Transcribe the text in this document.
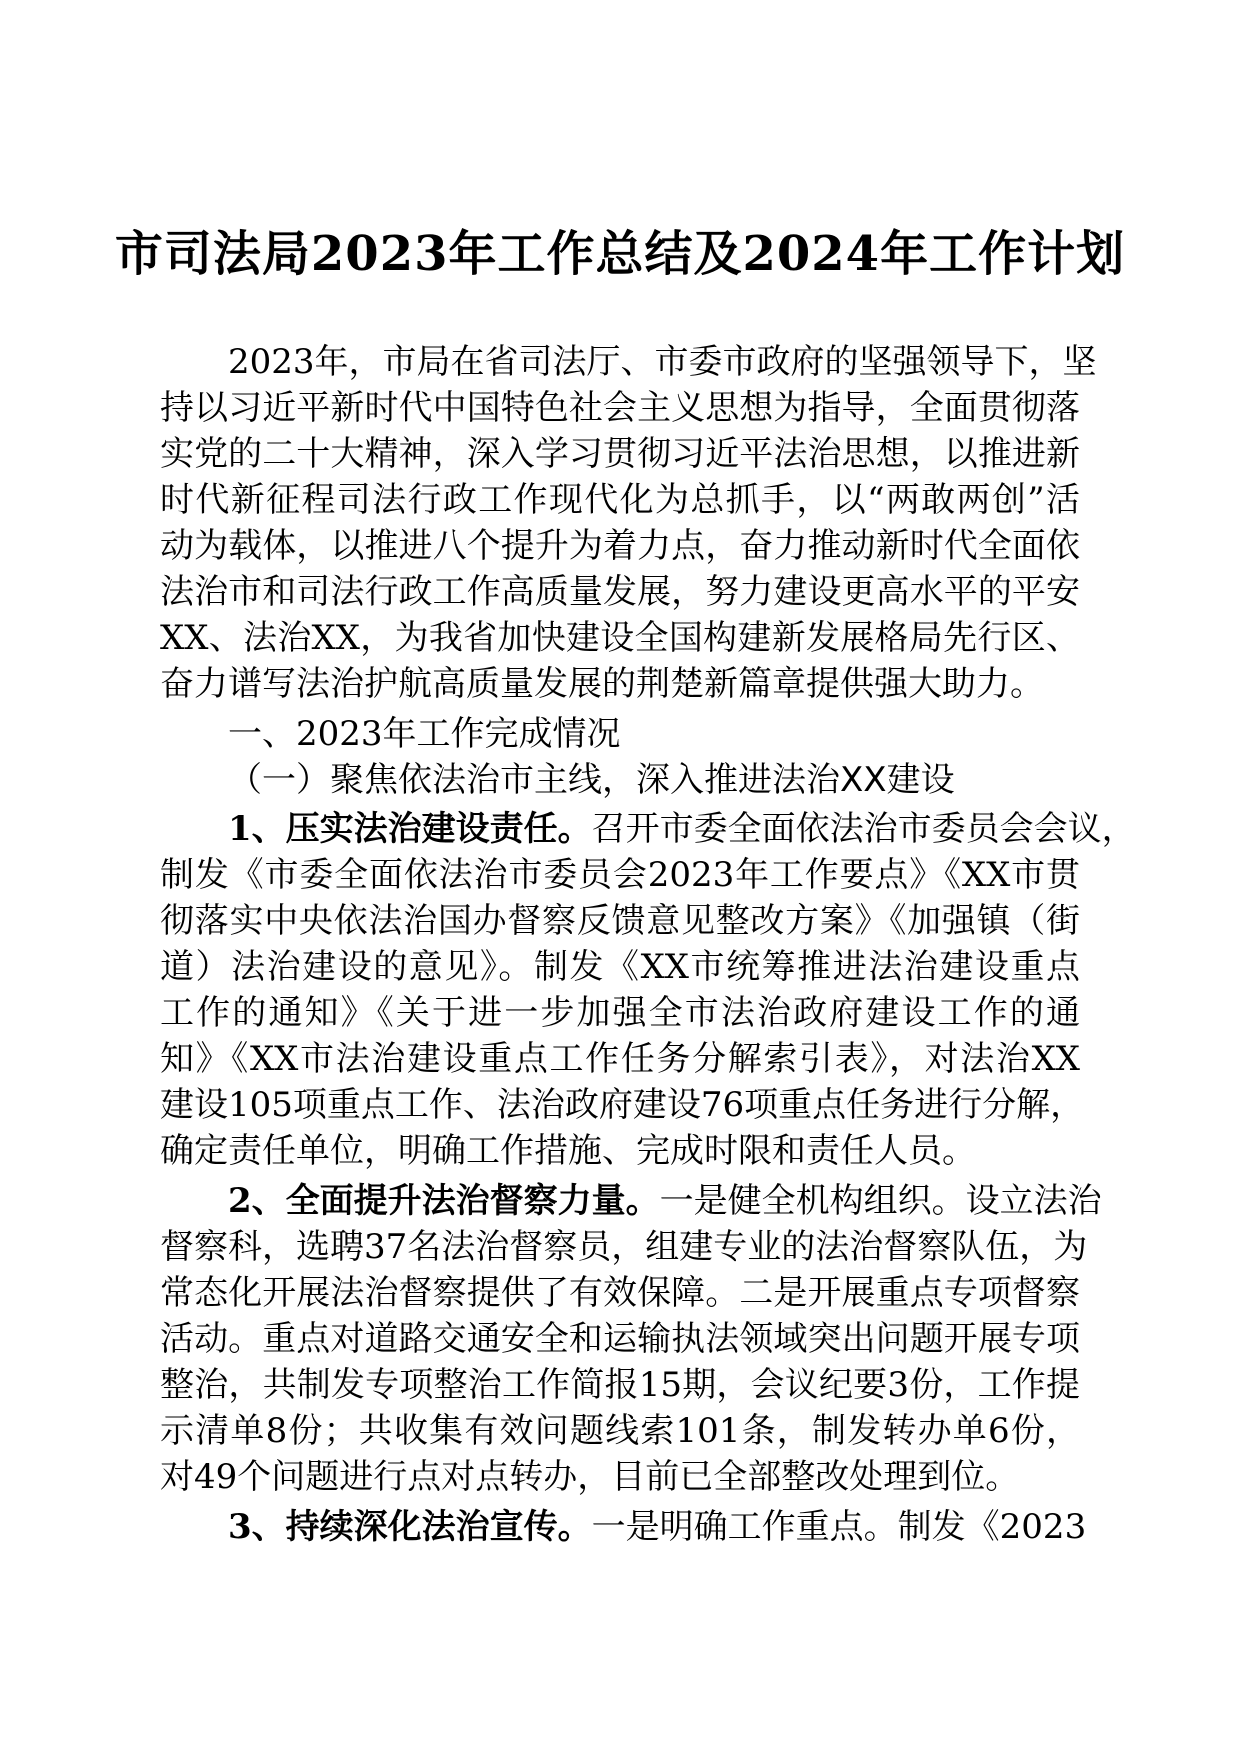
市司法局2023年工作总结及2024年工作计划
2023年，市局在省司法厅、市委市政府的坚强领导下，坚
持以习近平新时代中国特色社会主义思想为指导，全面贯彻落
实党的二十大精神，深入学习贯彻习近平法治思想，以推进新
时代新征程司法行政工作现代化为总抓手，以“两敢两创”活
动为载体，以推进八个提升为着力点，奋力推动新时代全面依
法治市和司法行政工作高质量发展，努力建设更高水平的平安
XX、法治XX，为我省加快建设全国构建新发展格局先行区、
奋力谱写法治护航高质量发展的荆楚新篇章提供强大助力。
一、2023年工作完成情况
（一）聚焦依法治市主线，深入推进法治XX建设
1、压实法治建设责任。召开市委全面依法治市委员会会议，
制发《市委全面依法治市委员会2023年工作要点》《XX市贯
彻落实中央依法治国办督察反馈意见整改方案》《加强镇（街
道）法治建设的意见》。制发《XX市统筹推进法治建设重点
工作的通知》《关于进一步加强全市法治政府建设工作的通
知》《XX市法治建设重点工作任务分解索引表》，对法治XX
建设105项重点工作、法治政府建设76项重点任务进行分解，
确定责任单位，明确工作措施、完成时限和责任人员。
2、全面提升法治督察力量。一是健全机构组织。设立法治
督察科，选聘37名法治督察员，组建专业的法治督察队伍，为
常态化开展法治督察提供了有效保障。二是开展重点专项督察
活动。重点对道路交通安全和运输执法领域突出问题开展专项
整治，共制发专项整治工作简报15期，会议纪要3份，工作提
示清单8份；共收集有效问题线索101条，制发转办单6份，
对49个问题进行点对点转办，目前已全部整改处理到位。
3、持续深化法治宣传。一是明确工作重点。制发《2023
